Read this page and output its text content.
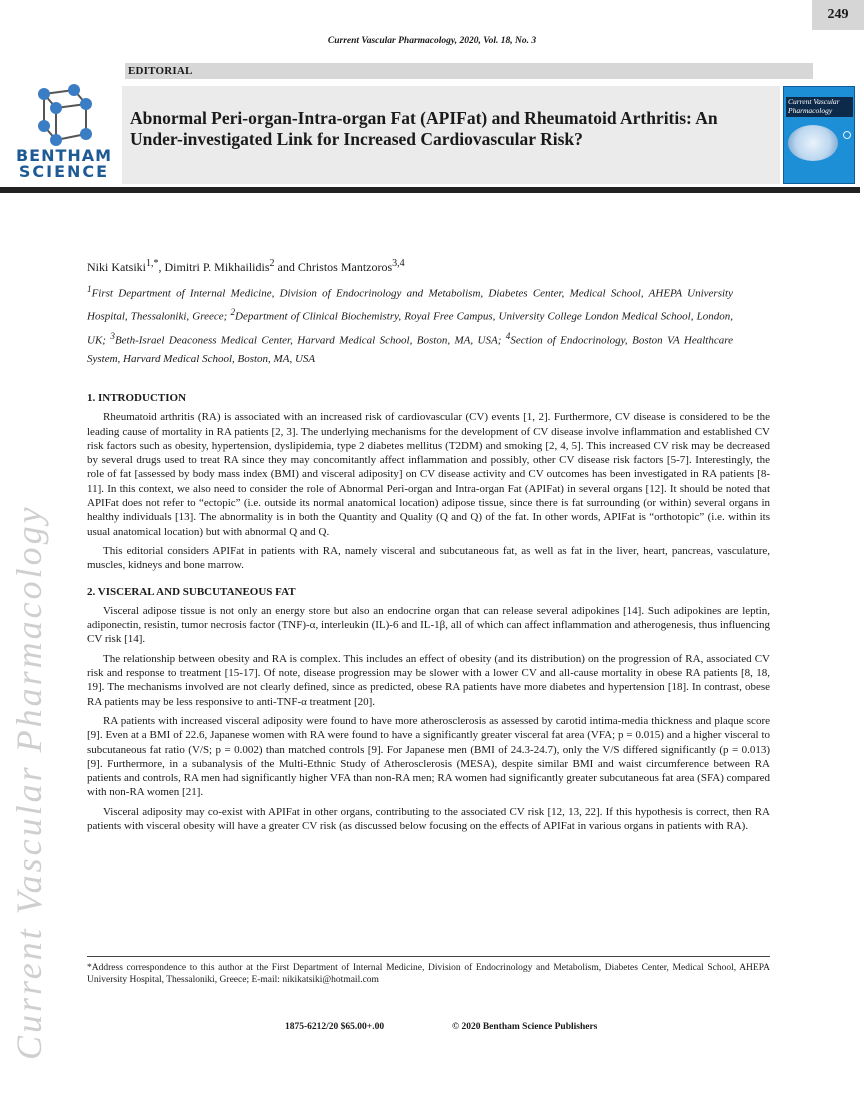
249
Current Vascular Pharmacology, 2020, Vol. 18, No. 3
EDITORIAL
BENTHAM
SCIENCE
Abnormal Peri-organ-Intra-organ Fat (APIFat) and Rheumatoid Arthritis: An Under-investigated Link for Increased Cardiovascular Risk?
Current Vascular Pharmacology
Current Vascular Pharmacology
Niki Katsiki$^{1,*}$, Dimitri P. Mikhailidis$^2$ and Christos Mantzoros$^{3,4}$
$^1$First Department of Internal Medicine, Division of Endocrinology and Metabolism, Diabetes Center, Medical School, AHEPA University Hospital, Thessaloniki, Greece; $^2$Department of Clinical Biochemistry, Royal Free Campus, University College London Medical School, London, UK; $^3$Beth-Israel Deaconess Medical Center, Harvard Medical School, Boston, MA, USA; $^4$Section of Endocrinology, Boston VA Healthcare System, Harvard Medical School, Boston, MA, USA
1. INTRODUCTION

Rheumatoid arthritis (RA) is associated with an increased risk of cardiovascular (CV) events [1, 2]. Furthermore, CV disease is considered to be the leading cause of mortality in RA patients [2, 3]. The underlying mechanisms for the development of CV disease involve inflammation and established CV risk factors such as obesity, hypertension, dyslipidemia, type 2 diabetes mellitus (T2DM) and smoking [2, 4, 5]. This increased CV risk may be decreased by several drugs used to treat RA since they may concomitantly affect inflammation and possibly, other CV disease risk factors [5-7]. Interestingly, the role of fat [assessed by body mass index (BMI) and visceral adiposity] on CV disease activity and CV outcomes has been investigated in RA patients [8-11]. In this context, we also need to consider the role of Abnormal Peri-organ and Intra-organ Fat (APIFat) in several organs [12]. It should be noted that APIFat does not refer to “ectopic” (i.e. outside its normal anatomical location) adipose tissue, since there is fat surrounding (or within) several organs in healthy individuals [13]. The abnormality is in both the Quantity and Quality (Q and Q) of the fat. In other words, APIFat is “orthotopic” (i.e. within its usual anatomical location) but with abnormal Q and Q.

This editorial considers APIFat in patients with RA, namely visceral and subcutaneous fat, as well as fat in the liver, heart, pancreas, vasculature, muscles, kidneys and bone marrow.

2. VISCERAL AND SUBCUTANEOUS FAT

Visceral adipose tissue is not only an energy store but also an endocrine organ that can release several adipokines [14]. Such adipokines are leptin, adiponectin, resistin, tumor necrosis factor (TNF)-α, interleukin (IL)-6 and IL-1β, all of which can affect inflammation and atherogenesis, thus influencing CV risk [14].

The relationship between obesity and RA is complex. This includes an effect of obesity (and its distribution) on the progression of RA, associated CV risk and response to treatment [15-17]. Of note, disease progression may be slower with a lower CV and all-cause mortality in obese RA patients [8, 18, 19]. The mechanisms involved are not clearly defined, since as predicted, obese RA patients have more diabetes and hypertension [18]. In contrast, obese RA patients may be less responsive to anti-TNF-α treatment [20].

RA patients with increased visceral adiposity were found to have more atherosclerosis as assessed by carotid intima-media thickness and plaque score [9]. Even at a BMI of 22.6, Japanese women with RA were found to have a significantly greater visceral fat area (VFA; p = 0.015) and a higher visceral to subcutaneous fat ratio (V/S; p = 0.002) than matched controls [9]. For Japanese men (BMI of 24.3-24.7), only the V/S differed significantly (p = 0.013) [9]. Furthermore, in a subanalysis of the Multi-Ethnic Study of Atherosclerosis (MESA), despite similar BMI and waist circumference between RA patients and controls, RA men had significantly higher VFA than non-RA men; RA women had significantly greater subcutaneous fat area (SFA) compared with non-RA women [21].

Visceral adiposity may co-exist with APIFat in other organs, contributing to the associated CV risk [12, 13, 22]. If this hypothesis is correct, then RA patients with visceral obesity will have a greater CV risk (as discussed below focusing on the effects of APIFat in various organs in patients with RA).

*Address correspondence to this author at the First Department of Internal Medicine, Division of Endocrinology and Metabolism, Diabetes Center, Medical School, AHEPA University Hospital, Thessaloniki, Greece; E-mail: nikikatsiki@hotmail.com
1875-6212/20 $65.00+.00	© 2020 Bentham Science Publishers
